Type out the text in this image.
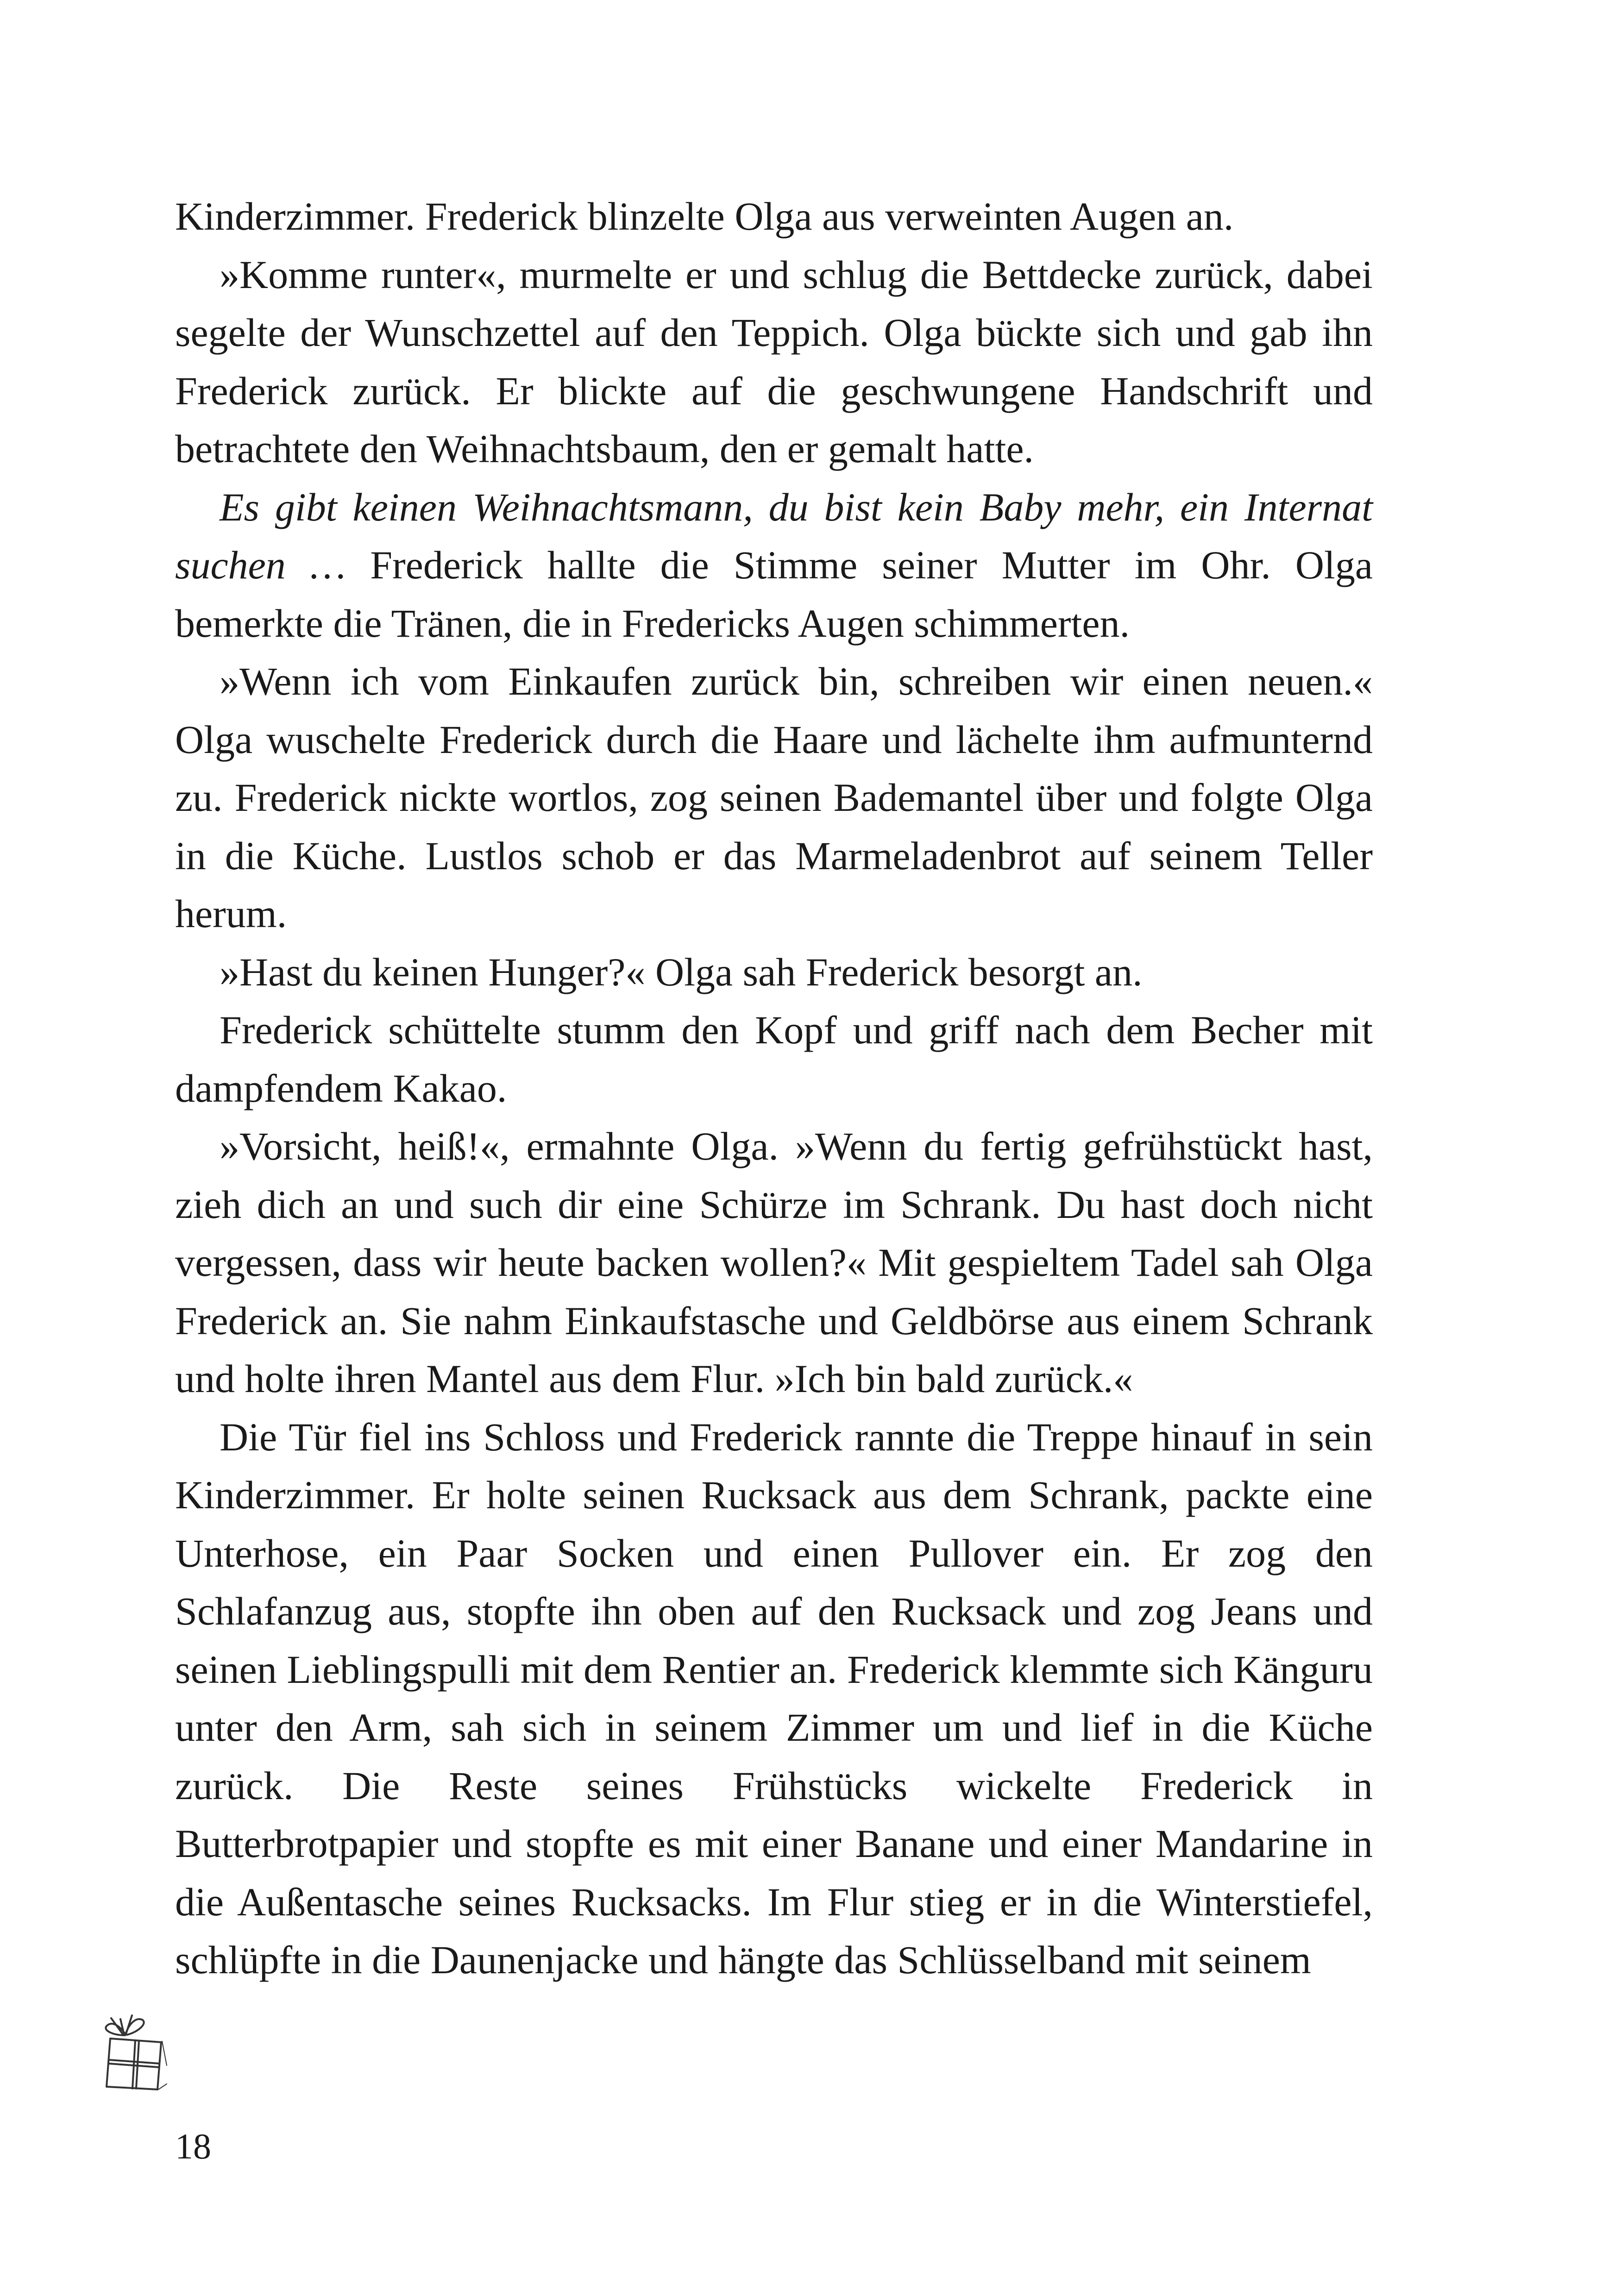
Kinderzimmer. Frederick blinzelte Olga aus verweinten Augen an.

»Komme runter«, murmelte er und schlug die Bettdecke zurück, dabei segelte der Wunschzettel auf den Teppich. Olga bückte sich und gab ihn Frederick zurück. Er blickte auf die geschwungene Handschrift und betrachtete den Weihnachtsbaum, den er gemalt hatte.

Es gibt keinen Weihnachtsmann, du bist kein Baby mehr, ein Internat suchen … Frederick hallte die Stimme seiner Mutter im Ohr. Olga bemerkte die Tränen, die in Fredericks Augen schimmerten.

»Wenn ich vom Einkaufen zurück bin, schreiben wir einen neuen.« Olga wuschelte Frederick durch die Haare und lächelte ihm aufmunternd zu. Frederick nickte wortlos, zog seinen Bademantel über und folgte Olga in die Küche. Lustlos schob er das Marmeladenbrot auf seinem Teller herum.

»Hast du keinen Hunger?« Olga sah Frederick besorgt an.

Frederick schüttelte stumm den Kopf und griff nach dem Becher mit dampfendem Kakao.

»Vorsicht, heiß!«, ermahnte Olga. »Wenn du fertig gefrühstückt hast, zieh dich an und such dir eine Schürze im Schrank. Du hast doch nicht vergessen, dass wir heute backen wollen?« Mit gespieltem Tadel sah Olga Frederick an. Sie nahm Einkaufstasche und Geldbörse aus einem Schrank und holte ihren Mantel aus dem Flur. »Ich bin bald zurück.«

Die Tür fiel ins Schloss und Frederick rannte die Treppe hinauf in sein Kinderzimmer. Er holte seinen Rucksack aus dem Schrank, packte eine Unterhose, ein Paar Socken und einen Pullover ein. Er zog den Schlafanzug aus, stopfte ihn oben auf den Rucksack und zog Jeans und seinen Lieblingspulli mit dem Rentier an. Frederick klemmte sich Känguru unter den Arm, sah sich in seinem Zimmer um und lief in die Küche zurück. Die Reste seines Frühstücks wickelte Frederick in Butterbrotpapier und stopfte es mit einer Banane und einer Mandarine in die Außentasche seines Rucksacks. Im Flur stieg er in die Winterstiefel, schlüpfte in die Daunenjacke und hängte das Schlüsselband mit seinem

18
